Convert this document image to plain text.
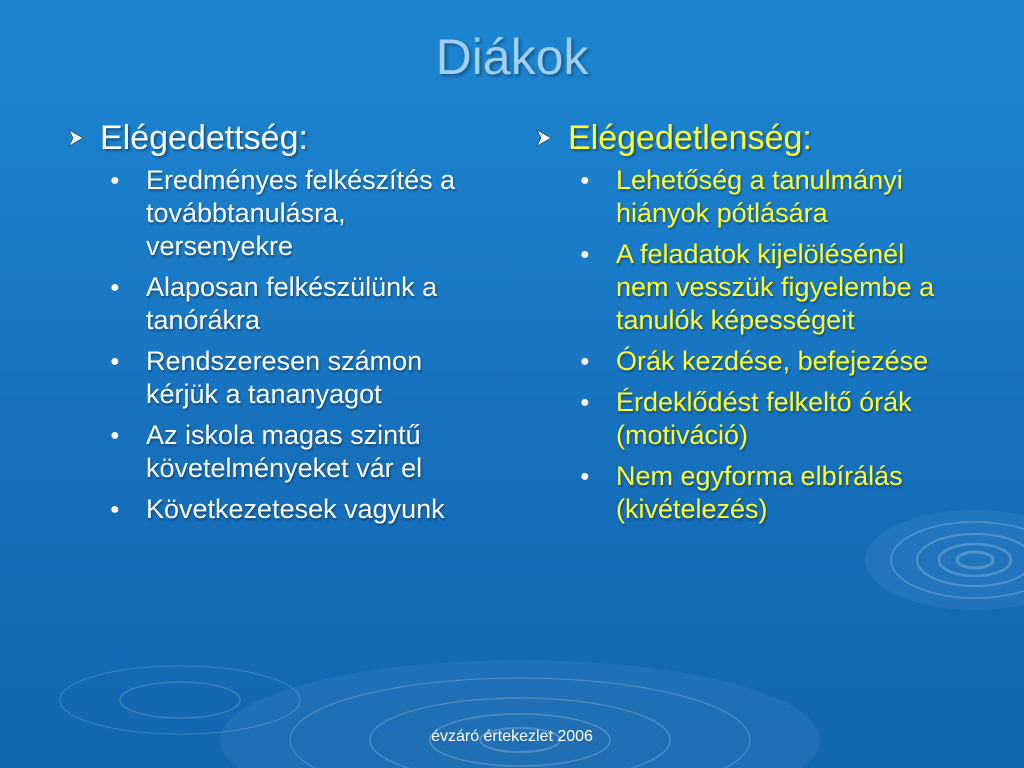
Diákok
Elégedettség:
● Eredményes felkészítés a továbbtanulásra, versenyekre
● Alaposan felkészülünk a tanórákra
● Rendszeresen számon kérjük a tananyagot
● Az iskola magas szintű követelményeket vár el
● Következetesek vagyunk
Elégedetlenség:
● Lehetőség a tanulmányi hiányok pótlására
● A feladatok kijelölésénél nem vesszük figyelembe a tanulók képességeit
● Órák kezdése, befejezése
● Érdeklődést felkeltő órák (motiváció)
● Nem egyforma elbírálás (kivételezés)
évzáró értekezlet 2006
